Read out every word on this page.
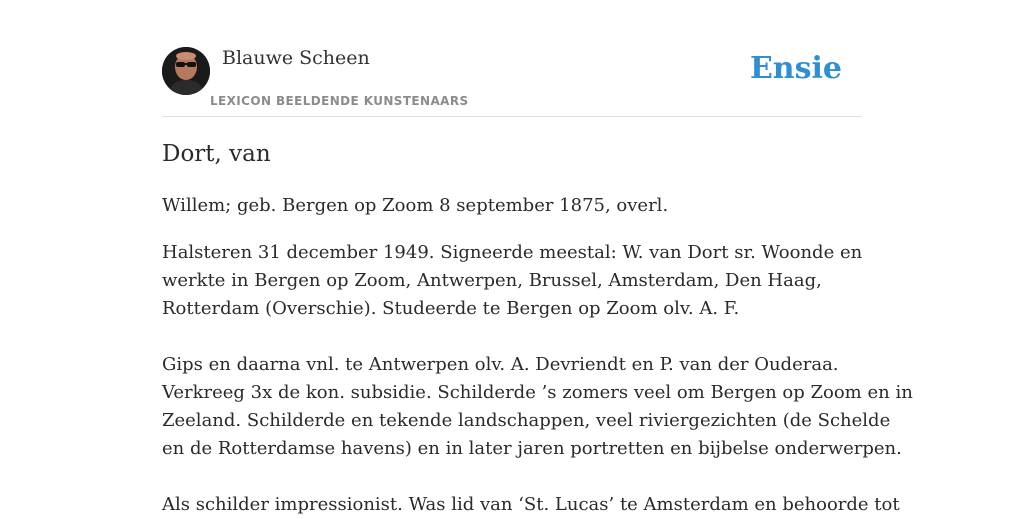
Blauwe Scheen
LEXICON BEELDENDE KUNSTENAARS
Ensie
Dort, van

Willem; geb. Bergen op Zoom 8 september 1875, overl.

Halsteren 31 december 1949. Signeerde meestal: W. van Dort sr. Woonde en
werkte in Bergen op Zoom, Antwerpen, Brussel, Amsterdam, Den Haag,
Rotterdam (Overschie). Studeerde te Bergen op Zoom olv. A. F.

Gips en daarna vnl. te Antwerpen olv. A. Devriendt en P. van der Ouderaa.
Verkreeg 3x de kon. subsidie. Schilderde ’s zomers veel om Bergen op Zoom en in
Zeeland. Schilderde en tekende landschappen, veel riviergezichten (de Schelde
en de Rotterdamse havens) en in later jaren portretten en bijbelse onderwerpen.

Als schilder impressionist. Was lid van ‘St. Lucas’ te Amsterdam en behoorde tot
